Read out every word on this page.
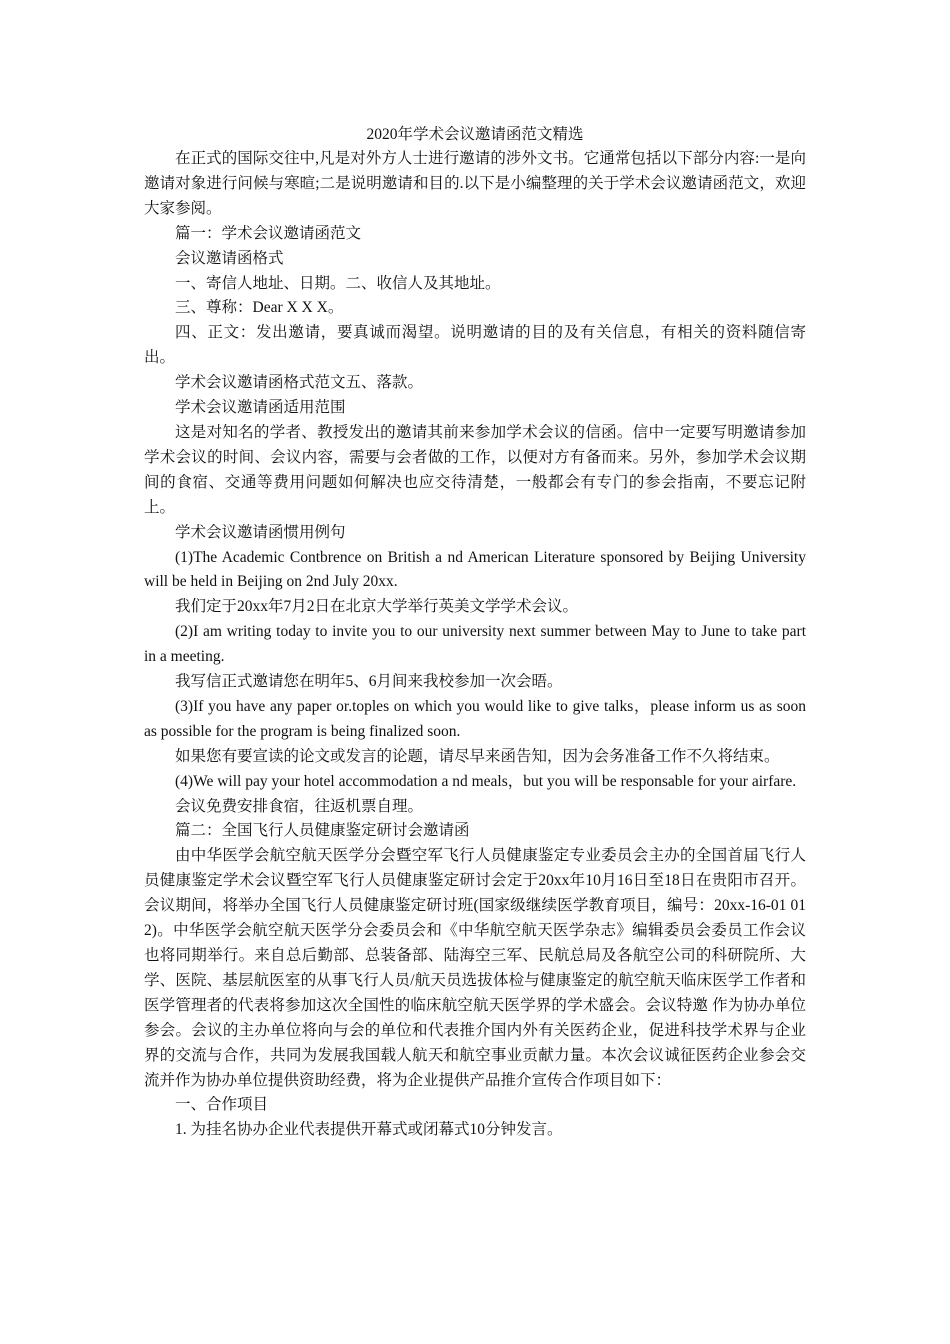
2020年学术会议邀请函范文精选

在正式的国际交往中,凡是对外方人士进行邀请的涉外文书。它通常包括以下部分内容:一是向邀请对象进行问候与寒暄;二是说明邀请和目的.以下是小编整理的关于学术会议邀请函范文，欢迎大家参阅。

篇一：学术会议邀请函范文

会议邀请函格式

一、寄信人地址、日期。二、收信人及其地址。

三、尊称：Dear X X X。

四、正文：发出邀请，要真诚而渴望。说明邀请的目的及有关信息，有相关的资料随信寄出。

学术会议邀请函格式范文五、落款。

学术会议邀请函适用范围

这是对知名的学者、教授发出的邀请其前来参加学术会议的信函。信中一定要写明邀请参加学术会议的时间、会议内容，需要与会者做的工作，以便对方有备而来。另外，参加学术会议期间的食宿、交通等费用问题如何解决也应交待清楚，一般都会有专门的参会指南，不要忘记附上。

学术会议邀请函惯用例句

(1)The Academic Contbrence on British a nd American Literature sponsored by Beijing University will be held in Beijing on 2nd July 20xx.

我们定于20xx年7月2日在北京大学举行英美文学学术会议。

(2)I am writing today to invite you to our university next summer between May to June to take part in a meeting.

我写信正式邀请您在明年5、6月间来我校参加一次会晤。

(3)If you have any paper or.toples on which you would like to give talks，please inform us as soon as possible for the program is being finalized soon.

如果您有要宣读的论文或发言的论题，请尽早来函告知，因为会务准备工作不久将结束。

(4)We will pay your hotel accommodation a nd meals，but you will be responsable for your airfare.

会议免费安排食宿，往返机票自理。

篇二：全国飞行人员健康鉴定研讨会邀请函

由中华医学会航空航天医学分会暨空军飞行人员健康鉴定专业委员会主办的全国首届飞行人员健康鉴定学术会议暨空军飞行人员健康鉴定研讨会定于20xx年10月16日至18日在贵阳市召开。会议期间，将举办全国飞行人员健康鉴定研讨班(国家级继续医学教育项目，编号：20xx-16-01 012)。中华医学会航空航天医学分会委员会和《中华航空航天医学杂志》编辑委员会委员工作会议也将同期举行。来自总后勤部、总装备部、陆海空三军、民航总局及各航空公司的科研院所、大学、医院、基层航医室的从事飞行人员/航天员选拔体检与健康鉴定的航空航天临床医学工作者和医学管理者的代表将参加这次全国性的临床航空航天医学界的学术盛会。会议特邀 作为协办单位参会。会议的主办单位将向与会的单位和代表推介国内外有关医药企业，促进科技学术界与企业界的交流与合作，共同为发展我国载人航天和航空事业贡献力量。本次会议诚征医药企业参会交流并作为协办单位提供资助经费，将为企业提供产品推介宣传合作项目如下：

一、合作项目

1. 为挂名协办企业代表提供开幕式或闭幕式10分钟发言。
